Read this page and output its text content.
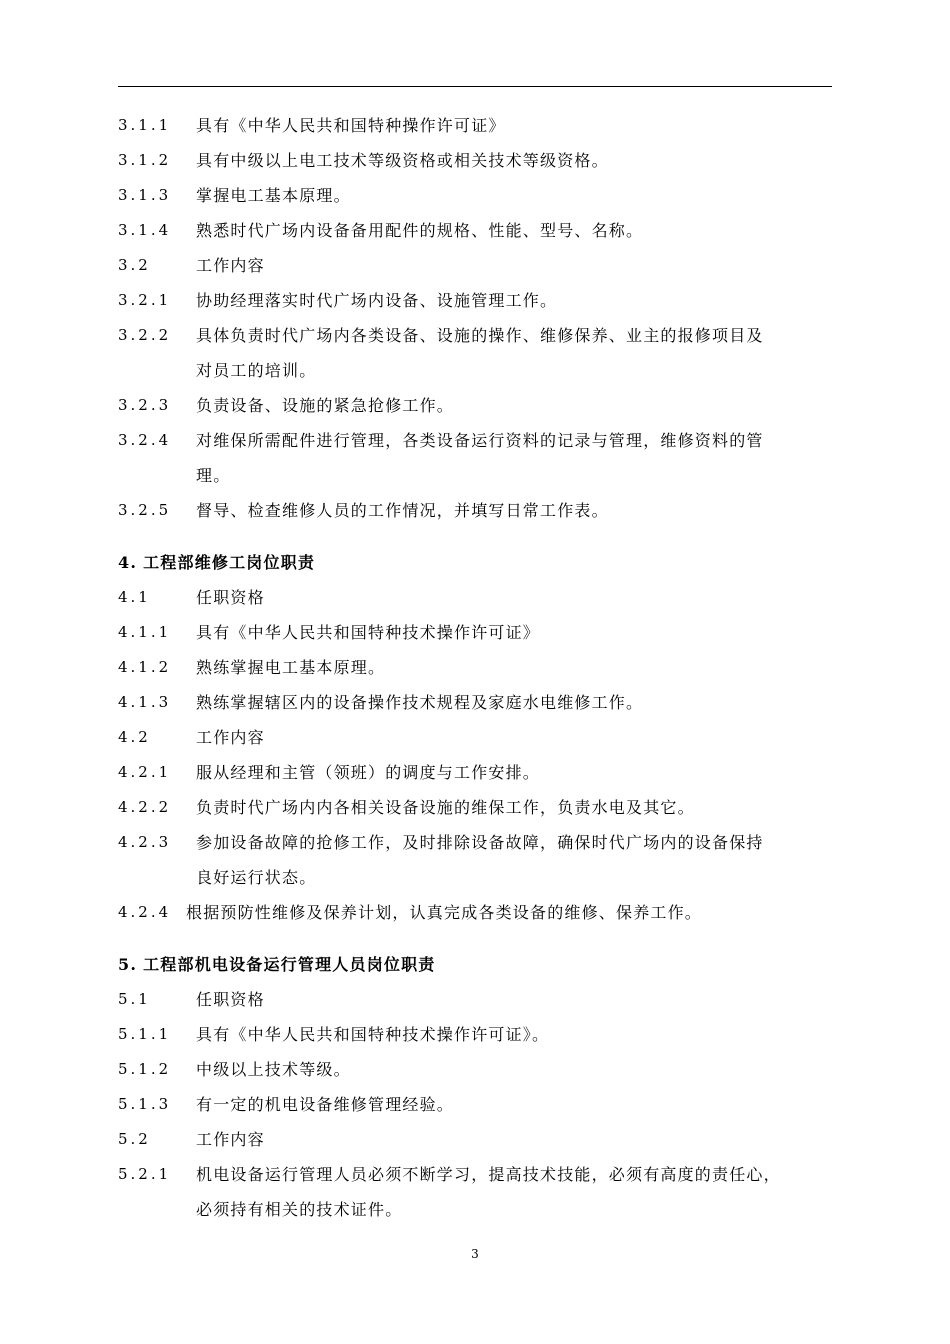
3.1.1 具有《中华人民共和国特种操作许可证》
3.1.2 具有中级以上电工技术等级资格或相关技术等级资格。
3.1.3 掌握电工基本原理。
3.1.4 熟悉时代广场内设备备用配件的规格、性能、型号、名称。
3.2	工作内容
3.2.1 协助经理落实时代广场内设备、设施管理工作。
3.2.2 具体负责时代广场内各类设备、设施的操作、维修保养、业主的报修项目及
对员工的培训。
3.2.3 负责设备、设施的紧急抢修工作。
3.2.4 对维保所需配件进行管理，各类设备运行资料的记录与管理，维修资料的管
理。
3.2.5 督导、检查维修人员的工作情况，并填写日常工作表。
4. 工程部维修工岗位职责
4.1	任职资格
4.1.1 具有《中华人民共和国特种技术操作许可证》
4.1.2 熟练掌握电工基本原理。
4.1.3 熟练掌握辖区内的设备操作技术规程及家庭水电维修工作。
4.2	工作内容
4.2.1 服从经理和主管（领班）的调度与工作安排。
4.2.2 负责时代广场内内各相关设备设施的维保工作，负责水电及其它。
4.2.3 参加设备故障的抢修工作，及时排除设备故障，确保时代广场内的设备保持
良好运行状态。
4.2.4 根据预防性维修及保养计划，认真完成各类设备的维修、保养工作。
5. 工程部机电设备运行管理人员岗位职责
5.1	任职资格
5.1.1 具有《中华人民共和国特种技术操作许可证》。
5.1.2 中级以上技术等级。
5.1.3 有一定的机电设备维修管理经验。
5.2	工作内容
5.2.1 机电设备运行管理人员必须不断学习，提高技术技能，必须有高度的责任心，
必须持有相关的技术证件。
3
